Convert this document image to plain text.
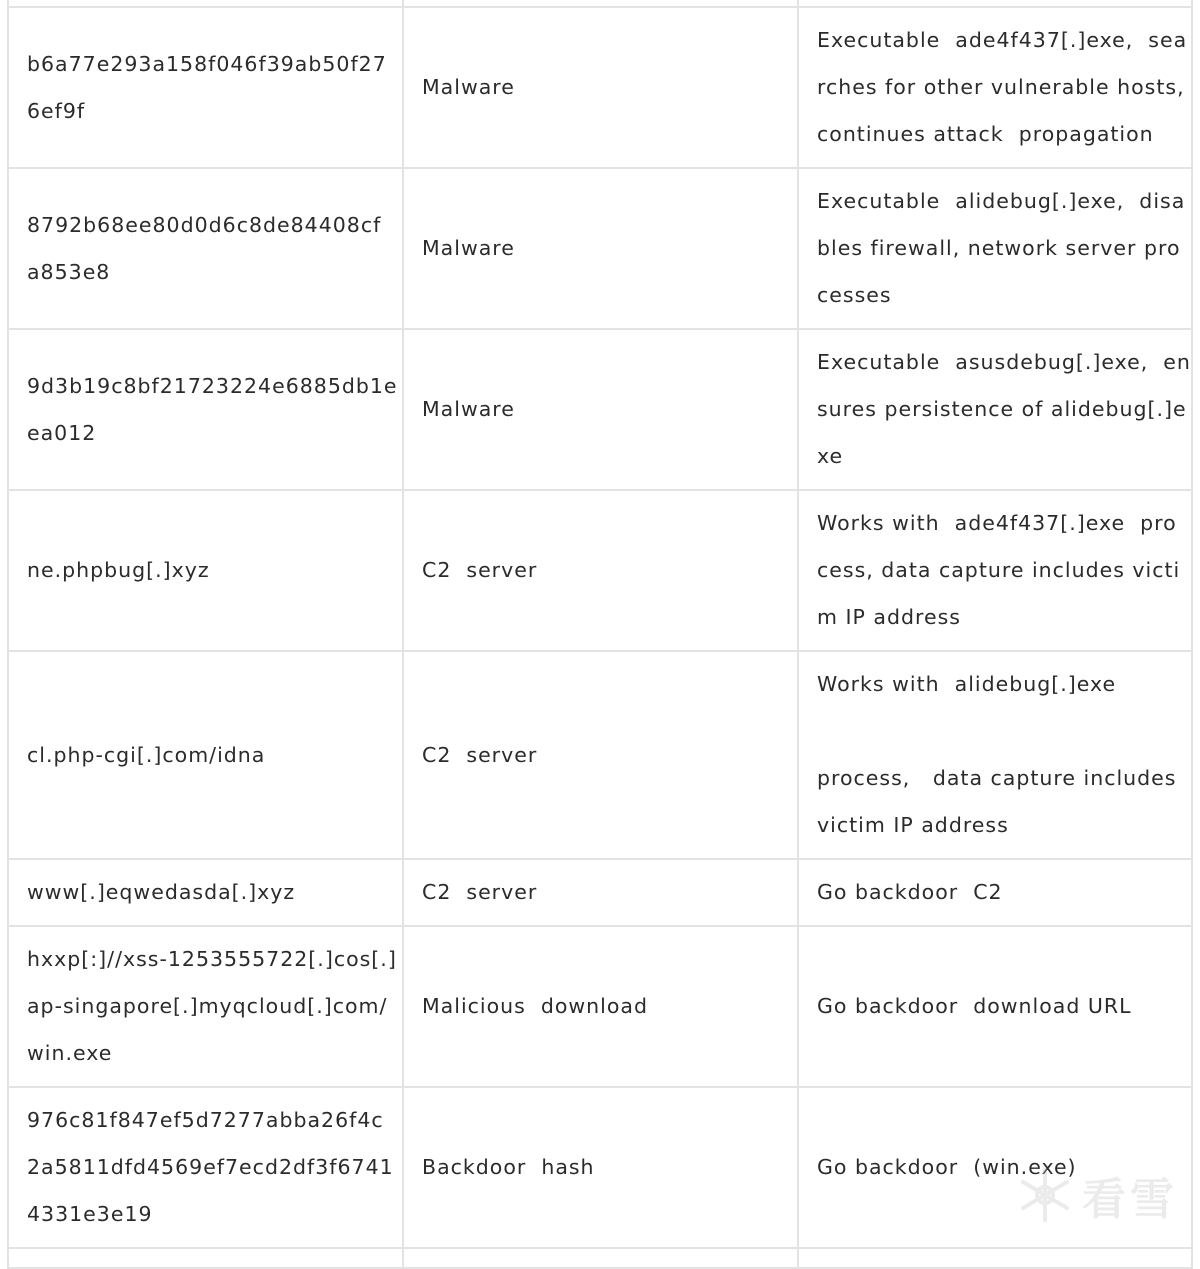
b6a77e293a158f046f39ab50f27
6ef9f	Malware	Executable  ade4f437[.]exe,  sea
rches for other vulnerable hosts,
continues attack  propagation

8792b68ee80d0d6c8de84408cf
a853e8	Malware	Executable  alidebug[.]exe,  disa
bles firewall, network server pro
cesses

9d3b19c8bf21723224e6885db1e
ea012	Malware	Executable  asusdebug[.]exe,  en
sures persistence of alidebug[.]e
xe

ne.phpbug[.]xyz	C2  server	Works with  ade4f437[.]exe  pro
cess, data capture includes victi
m IP address

cl.php-cgi[.]com/idna	C2  server	Works with  alidebug[.]exe

process,   data capture includes
victim IP address

www[.]eqwedasda[.]xyz	C2  server	Go backdoor  C2

hxxp[:]//xss-1253555722[.]cos[.]
ap-singapore[.]myqcloud[.]com/
win.exe	Malicious  download	Go backdoor  download URL

976c81f847ef5d7277abba26f4c
2a5811dfd4569ef7ecd2df3f6741
4331e3e19	Backdoor  hash	Go backdoor  (win.exe)

看雪
